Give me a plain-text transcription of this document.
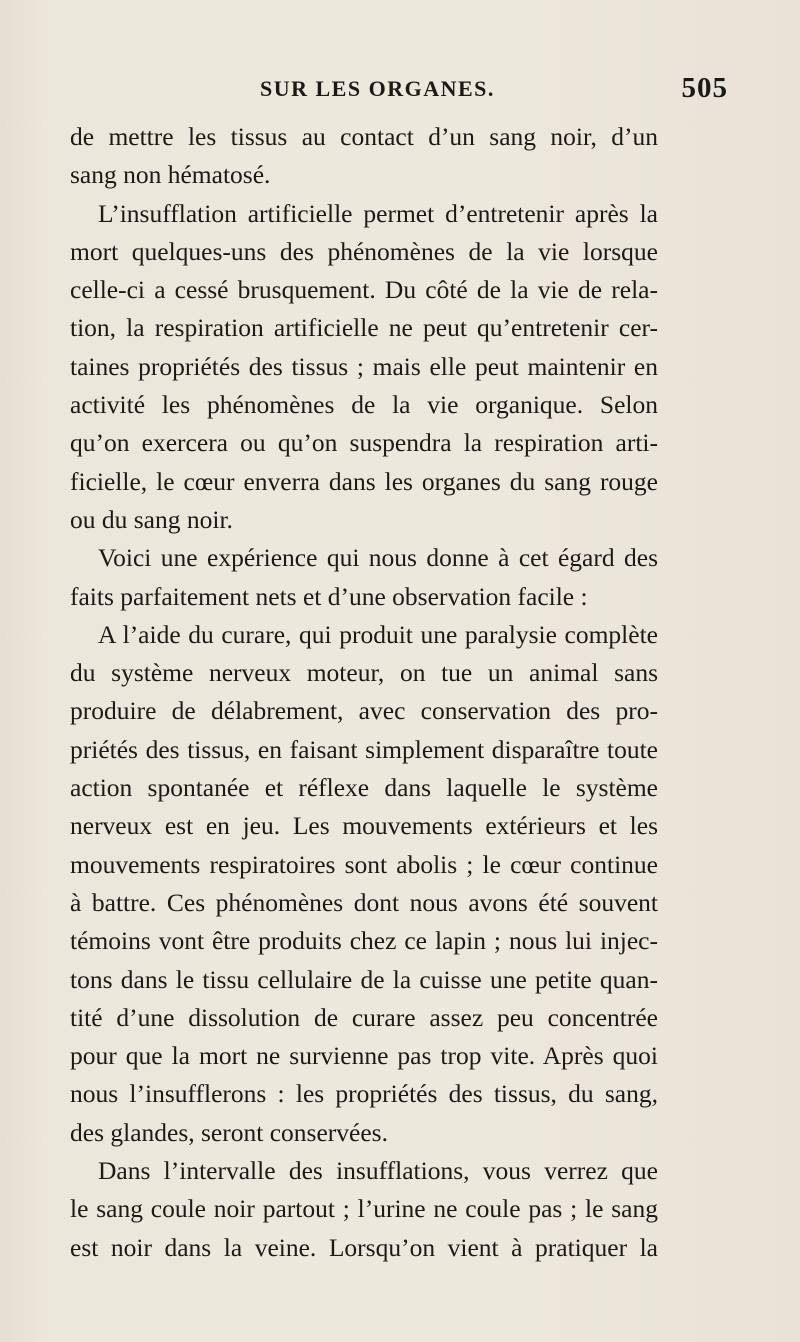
SUR LES ORGANES.	505
de mettre les tissus au contact d’un sang noir, d’un
sang non hématosé.
L’insufflation artificielle permet d’entretenir après la
mort quelques-uns des phénomènes de la vie lorsque
celle-ci a cessé brusquement. Du côté de la vie de rela-
tion, la respiration artificielle ne peut qu’entretenir cer-
taines propriétés des tissus ; mais elle peut maintenir en
activité les phénomènes de la vie organique. Selon
qu’on exercera ou qu’on suspendra la respiration arti-
ficielle, le cœur enverra dans les organes du sang rouge
ou du sang noir.
Voici une expérience qui nous donne à cet égard des
faits parfaitement nets et d’une observation facile :
A l’aide du curare, qui produit une paralysie complète
du système nerveux moteur, on tue un animal sans
produire de délabrement, avec conservation des pro-
priétés des tissus, en faisant simplement disparaître toute
action spontanée et réflexe dans laquelle le système
nerveux est en jeu. Les mouvements extérieurs et les
mouvements respiratoires sont abolis ; le cœur continue
à battre. Ces phénomènes dont nous avons été souvent
témoins vont être produits chez ce lapin ; nous lui injec-
tons dans le tissu cellulaire de la cuisse une petite quan-
tité d’une dissolution de curare assez peu concentrée
pour que la mort ne survienne pas trop vite. Après quoi
nous l’insufflerons : les propriétés des tissus, du sang,
des glandes, seront conservées.
Dans l’intervalle des insufflations, vous verrez que
le sang coule noir partout ; l’urine ne coule pas ; le sang
est noir dans la veine. Lorsqu’on vient à pratiquer la
